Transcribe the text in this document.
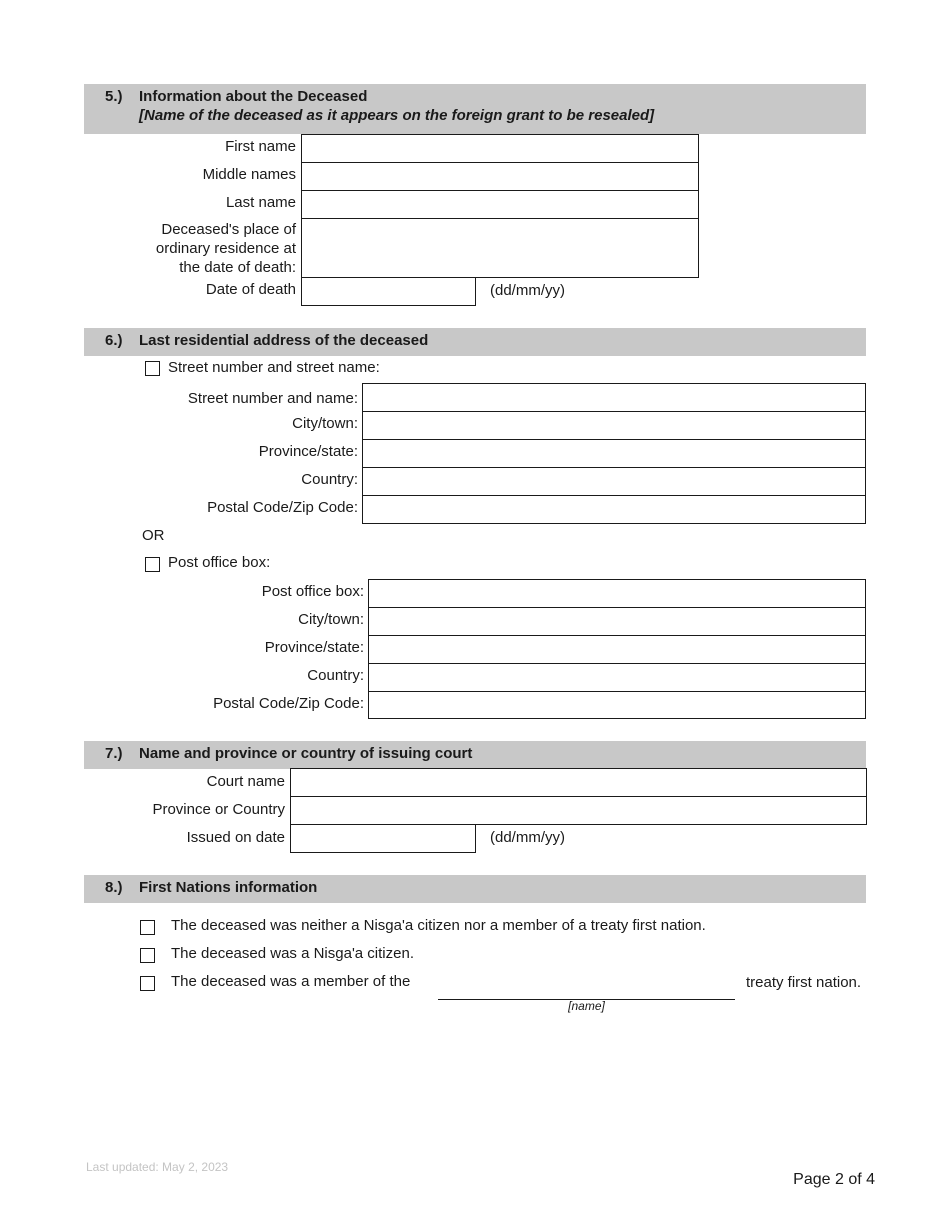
5.) Information about the Deceased
[Name of the deceased as it appears on the foreign grant to be resealed]
First name
Middle names
Last name
Deceased's place of
ordinary residence at
the date of death:
Date of death	(dd/mm/yy)
6.) Last residential address of the deceased
Street number and street name:
Street number and name:
City/town:
Province/state:
Country:
Postal Code/Zip Code:
OR
Post office box:
Post office box:
City/town:
Province/state:
Country:
Postal Code/Zip Code:
7.) Name and province or country of issuing court
Court name
Province or Country
Issued on date	(dd/mm/yy)
8.) First Nations information
The deceased was neither a Nisga'a citizen nor a member of a treaty first nation.
The deceased was a Nisga'a citizen.
The deceased was a member of the	treaty first nation.
[name]
Last updated: May 2, 2023
Page 2 of 4
